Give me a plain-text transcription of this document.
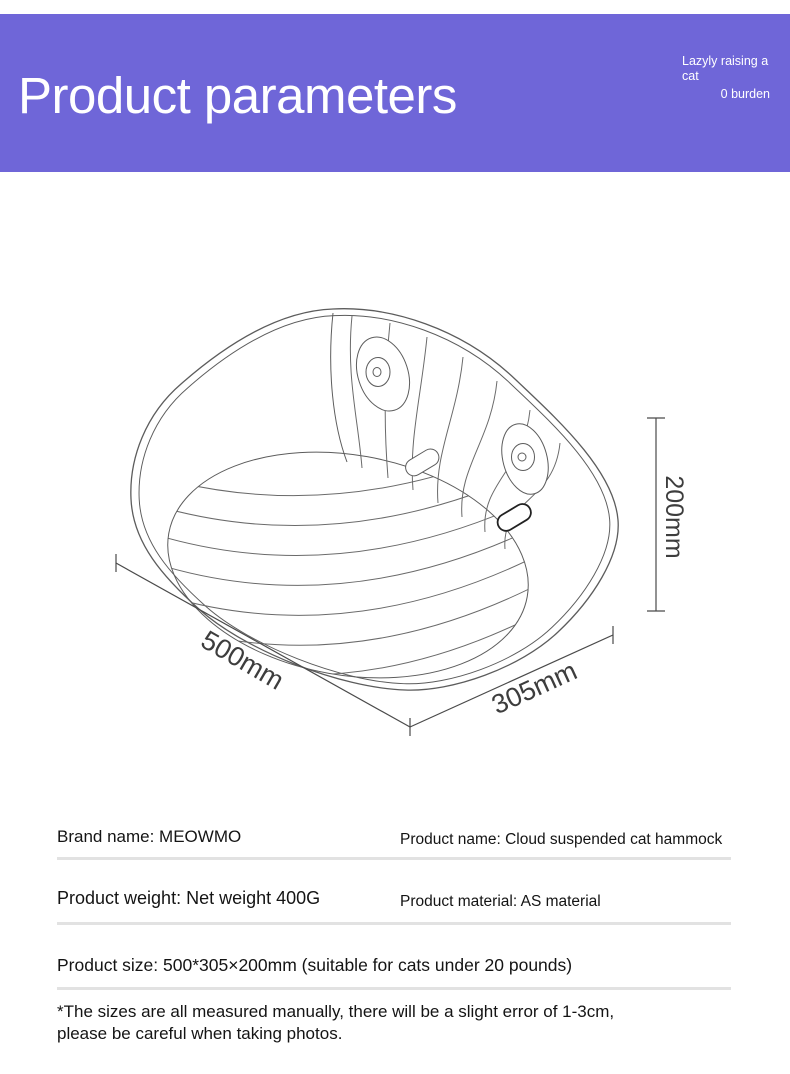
Product parameters
Lazyly raising a cat
0 burden
500mm	305mm
200mm
Brand name: MEOWMO	Product name: Cloud suspended cat hammock
Product weight: Net weight 400G	Product material: AS material
Product size: 500*305×200mm (suitable for cats under 20 pounds)
*The sizes are all measured manually, there will be a slight error of 1-3cm,
please be careful when taking photos.
